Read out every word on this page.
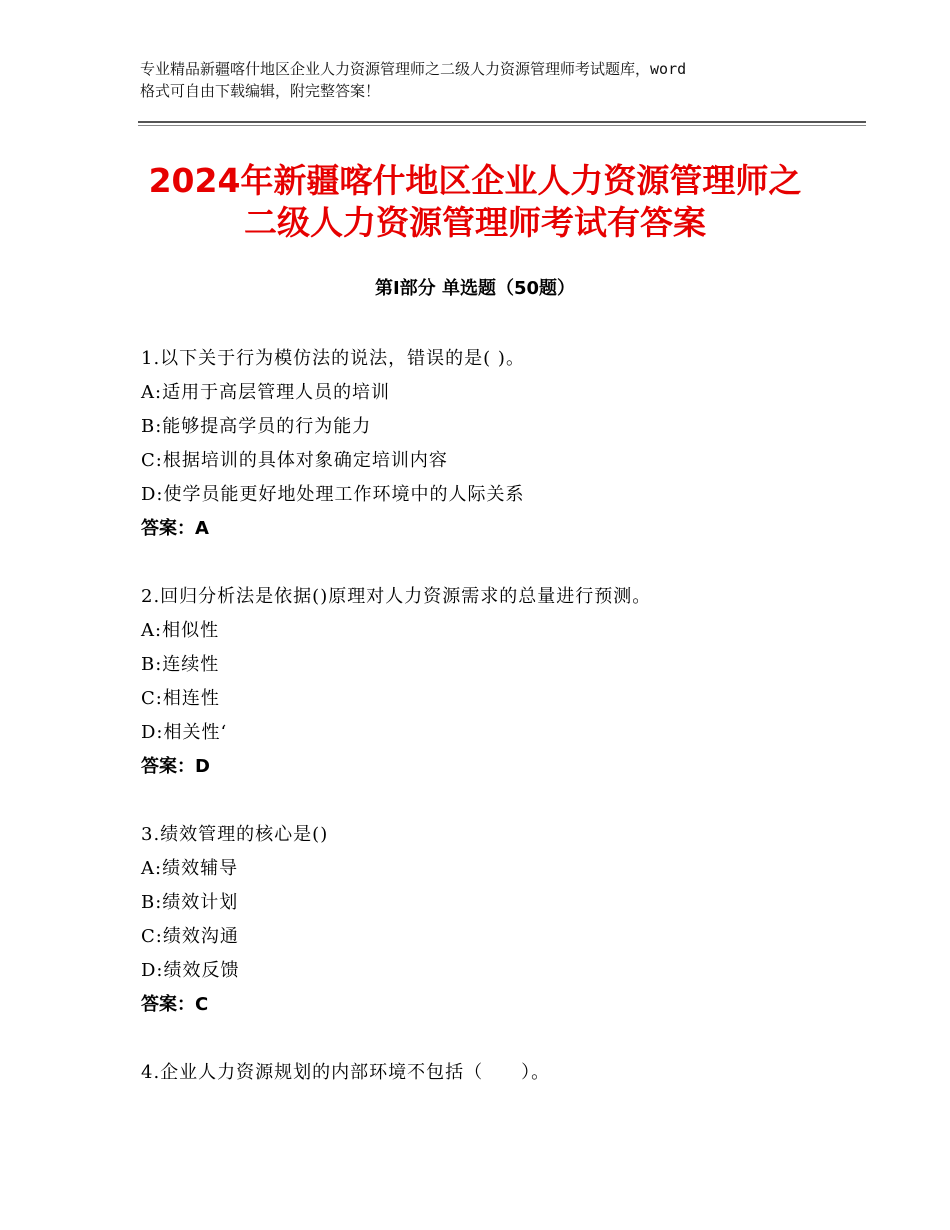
专业精品新疆喀什地区企业人力资源管理师之二级人力资源管理师考试题库，word
格式可自由下载编辑，附完整答案！
2024年新疆喀什地区企业人力资源管理师之
二级人力资源管理师考试有答案
第Ⅰ部分 单选题（50题）
1.以下关于行为模仿法的说法，错误的是( )。
A:适用于高层管理人员的培训
B:能够提高学员的行为能力
C:根据培训的具体对象确定培训内容
D:使学员能更好地处理工作环境中的人际关系
答案：A
2.回归分析法是依据()原理对人力资源需求的总量进行预测。
A:相似性
B:连续性
C:相连性
D:相关性‘
答案：D
3.绩效管理的核心是()
A:绩效辅导
B:绩效计划
C:绩效沟通
D:绩效反馈
答案：C
4.企业人力资源规划的内部环境不包括（　　）。
